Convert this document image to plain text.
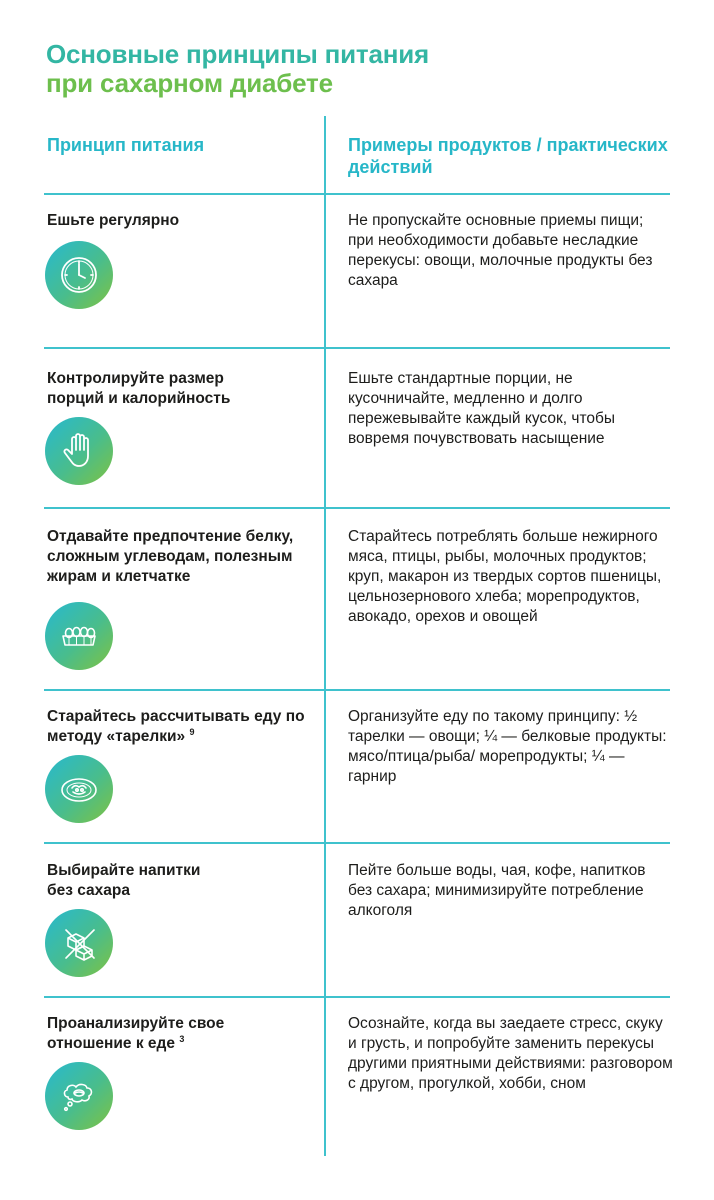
Основные принципы питания
при сахарном диабете
Принцип питания	Примеры продуктов / практических действий
Ешьте регулярно	Не пропускайте основные приемы пищи; при необходимости добавьте несладкие перекусы: овощи, молочные продукты без сахара
Контролируйте размер порций и калорийность
Ешьте стандартные порции, не кусочничайте, медленно и долго пережевывайте каждый кусок, чтобы вовремя почувствовать насыщение
Отдавайте предпочтение белку, сложным углеводам, полезным жирам и клетчатке
Старайтесь потреблять больше нежирного мяса, птицы, рыбы, молочных продуктов; круп, макарон из твердых сортов пшеницы, цельнозернового хлеба; морепродуктов, авокадо, орехов и овощей
Старайтесь рассчитывать еду по методу «тарелки» $^9$
Организуйте еду по такому принципу: ½ тарелки — овощи; ¼ — белковые продукты: мясо/птица/рыба/ морепродукты; ¼ — гарнир
Выбирайте напитки без сахара
Пейте больше воды, чая, кофе, напитков без сахара; минимизируйте потребление алкоголя
Проанализируйте свое отношение к еде $^3$
Осознайте, когда вы заедаете стресс, скуку и грусть, и попробуйте заменить перекусы другими приятными действиями: разговором с другом, прогулкой, хобби, сном
